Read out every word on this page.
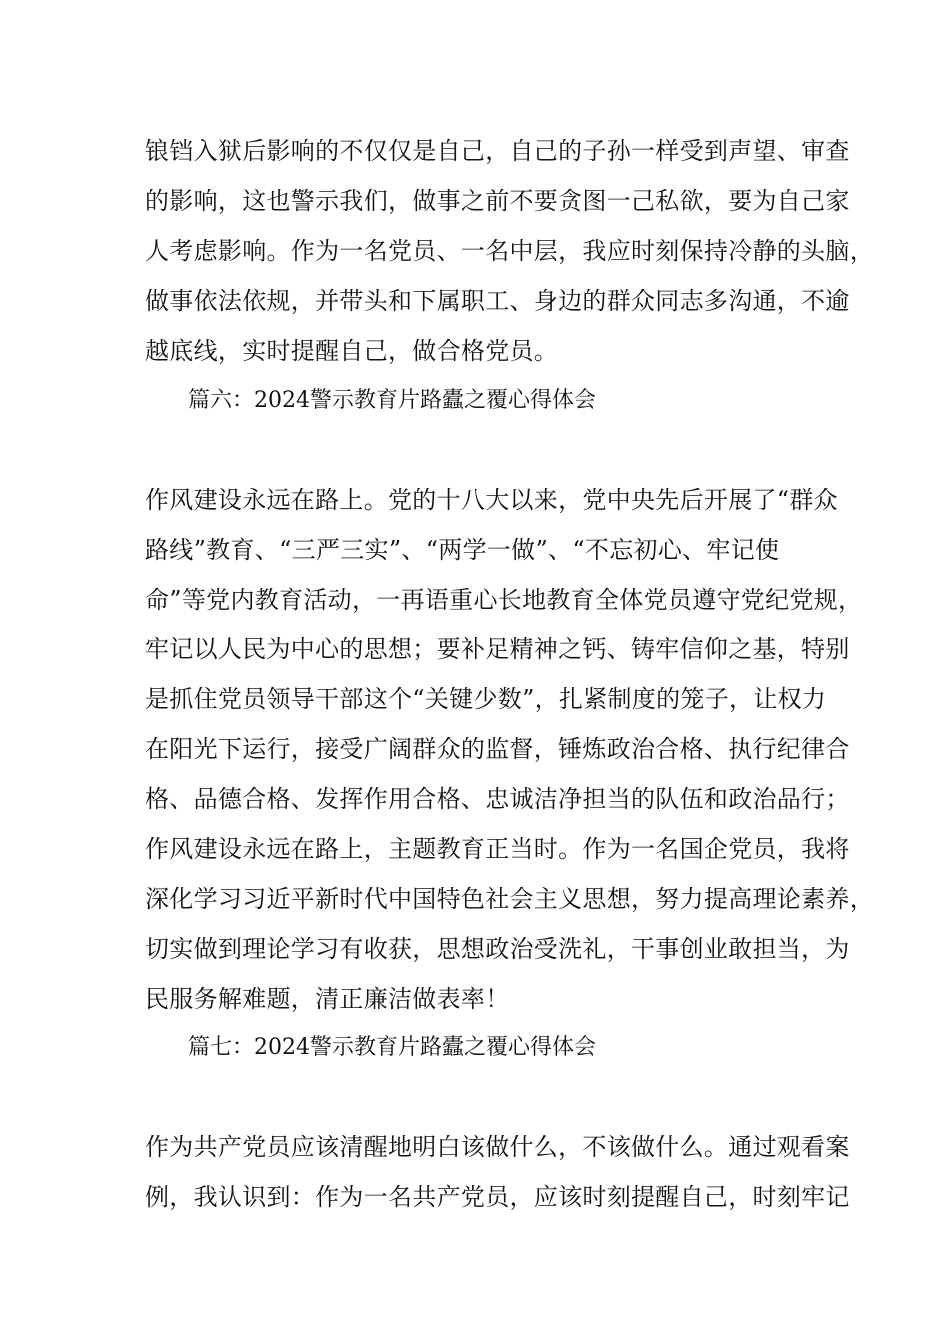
锒铛入狱后影响的不仅仅是自己，自己的子孙一样受到声望、审查
的影响，这也警示我们，做事之前不要贪图一己私欲，要为自己家
人考虑影响。作为一名党员、一名中层，我应时刻保持冷静的头脑，
做事依法依规，并带头和下属职工、身边的群众同志多沟通，不逾
越底线，实时提醒自己，做合格党员。
篇六：2024警示教育片路蠹之覆心得体会
作风建设永远在路上。党的十八大以来，党中央先后开展了“群众
路线”教育、“三严三实”、“两学一做”、“不忘初心、牢记使
命”等党内教育活动，一再语重心长地教育全体党员遵守党纪党规，
牢记以人民为中心的思想；要补足精神之钙、铸牢信仰之基，特别
是抓住党员领导干部这个“关键少数”，扎紧制度的笼子，让权力
在阳光下运行，接受广阔群众的监督，锤炼政治合格、执行纪律合
格、品德合格、发挥作用合格、忠诚洁净担当的队伍和政治品行；
作风建设永远在路上，主题教育正当时。作为一名国企党员，我将
深化学习习近平新时代中国特色社会主义思想，努力提高理论素养，
切实做到理论学习有收获，思想政治受洗礼，干事创业敢担当，为
民服务解难题，清正廉洁做表率！
篇七：2024警示教育片路蠹之覆心得体会
作为共产党员应该清醒地明白该做什么，不该做什么。通过观看案
例，我认识到：作为一名共产党员，应该时刻提醒自己，时刻牢记
